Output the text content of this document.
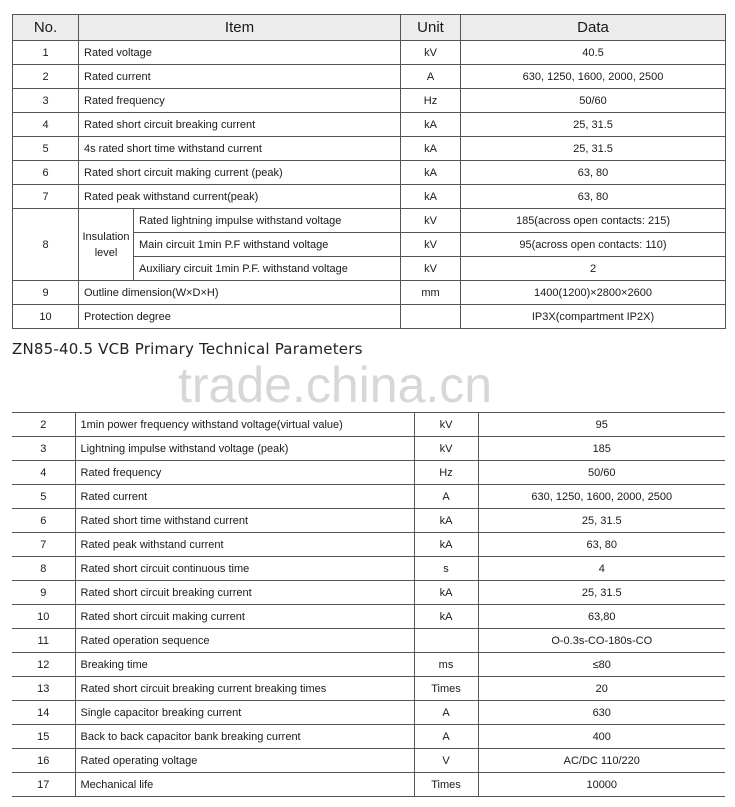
No.	Item		Unit	Data
1	Rated voltage		kV	40.5
2	Rated current		A	630, 1250, 1600, 2000, 2500
3	Rated frequency		Hz	50/60
4	Rated short circuit breaking current		kA	25, 31.5
5	4s rated short time withstand current		kA	25, 31.5
6	Rated short circuit making current (peak)		kA	63, 80
7	Rated peak withstand current(peak)		kA	63, 80
8	Insulation level	Rated lightning impulse withstand voltage	kV	185(across open contacts: 215)
		Main circuit 1min P.F withstand voltage	kV	95(across open contacts: 110)
		Auxiliary circuit 1min P.F. withstand voltage	kV	2
9	Outline dimension(W×D×H)		mm	1400(1200)×2800×2600
10	Protection degree			IP3X(compartment IP2X)
ZN85-40.5 VCB Primary Technical Parameters
trade.china.cn
2	1min power frequency withstand voltage(virtual value)	kV	95
3	Lightning impulse withstand voltage (peak)	kV	185
4	Rated frequency	Hz	50/60
5	Rated current	A	630, 1250, 1600, 2000, 2500
6	Rated short time withstand current	kA	25, 31.5
7	Rated peak withstand current	kA	63, 80
8	Rated short circuit continuous time	s	4
9	Rated short circuit breaking current	kA	25, 31.5
10	Rated short circuit making current	kA	63,80
11	Rated operation sequence		O-0.3s-CO-180s-CO
12	Breaking time	ms	≤80
13	Rated short circuit breaking current breaking times	Times	20
14	Single capacitor breaking current	A	630
15	Back to back capacitor bank breaking current	A	400
16	Rated operating voltage	V	AC/DC 110/220
17	Mechanical life	Times	10000
